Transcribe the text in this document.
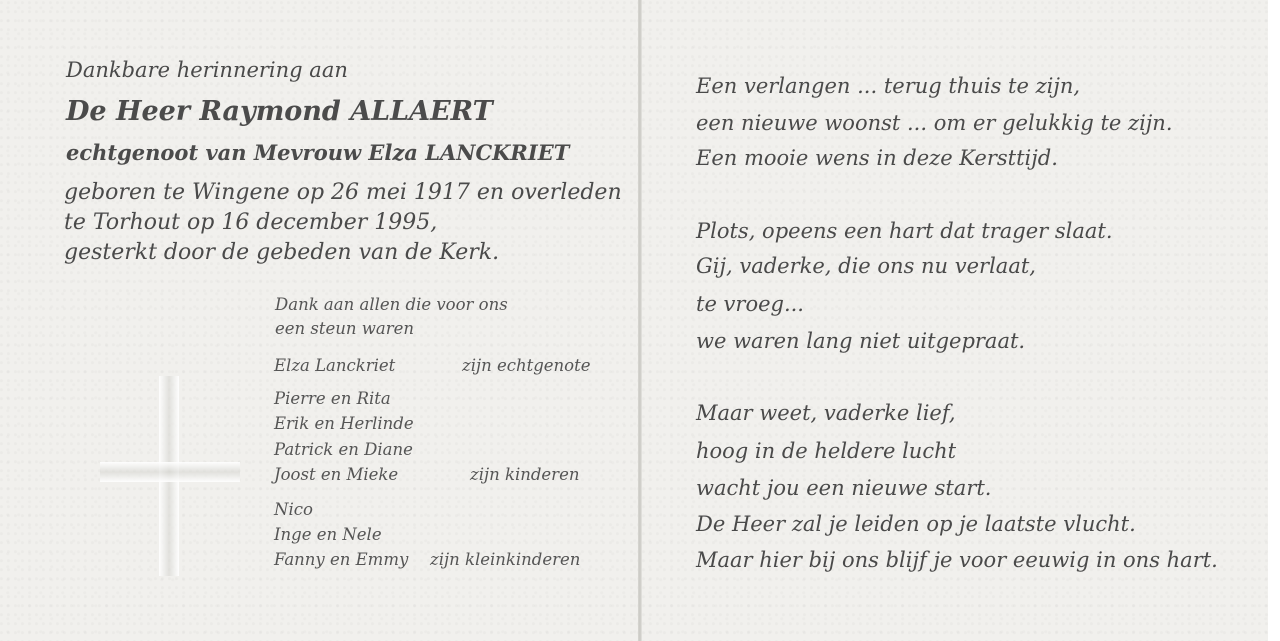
Dankbare herinnering aan
De Heer Raymond ALLAERT
echtgenoot van Mevrouw Elza LANCKRIET
geboren te Wingene op 26 mei 1917 en overleden
te Torhout op 16 december 1995,
gesterkt door de gebeden van de Kerk.
Dank aan allen die voor ons
een steun waren
Elza Lanckriet	zijn echtgenote
Pierre en Rita
Erik en Herlinde
Patrick en Diane
Joost en Mieke	zijn kinderen
Nico
Inge en Nele
Fanny en Emmy zijn kleinkinderen
Een verlangen ... terug thuis te zijn,
een nieuwe woonst ... om er gelukkig te zijn.
Een mooie wens in deze Kersttijd.
Plots, opeens een hart dat trager slaat.
Gij, vaderke, die ons nu verlaat,
te vroeg...
we waren lang niet uitgepraat.
Maar weet, vaderke lief,
hoog in de heldere lucht
wacht jou een nieuwe start.
De Heer zal je leiden op je laatste vlucht.
Maar hier bij ons blijf je voor eeuwig in ons hart.
